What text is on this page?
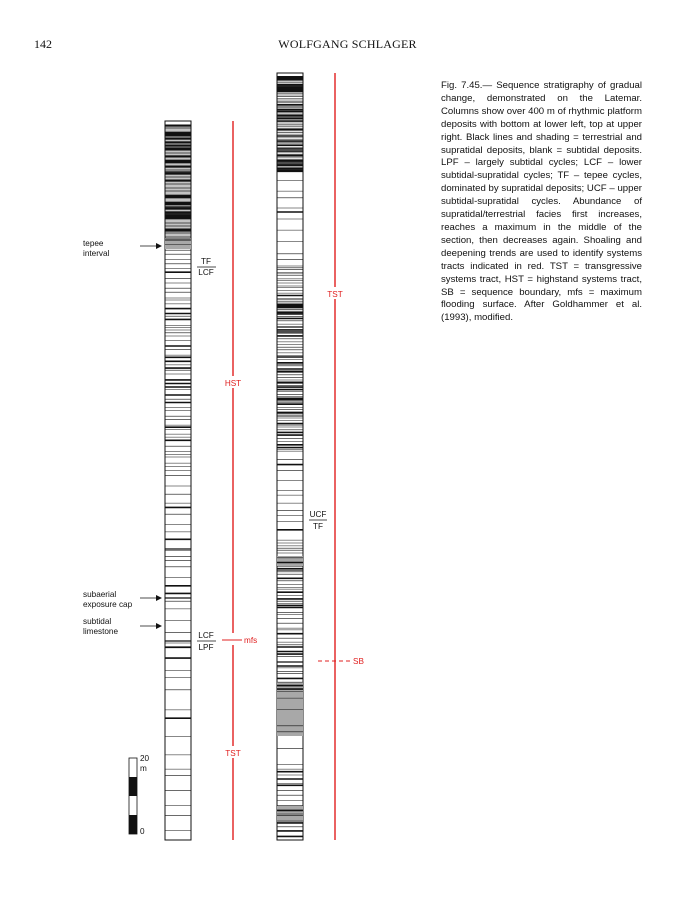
142	WOLFGANG SCHLAGER
HST
TST
TST
mfs
SB
tepee
interval
subaerial
exposure cap
subtidal
limestone
TF
LCF
LCF
LPF
UCF
TF
20
m
0
Fig. 7.45.— Sequence stratigraphy of gradual change, demonstrated on the Latemar. Columns show over 400 m of rhythmic platform deposits with bottom at lower left, top at upper right. Black lines and shading = terrestrial and supratidal deposits, blank = subtidal deposits. LPF – largely subtidal cycles; LCF – lower subtidal-supratidal cycles; TF – tepee cycles, dominated by supratidal deposits; UCF – upper subtidal-supratidal cycles. Abundance of supratidal/terrestrial facies first increases, reaches a maximum in the middle of the section, then decreases again. Shoaling and deepening trends are used to identify systems tracts indicated in red. TST = transgressive systems tract, HST = highstand systems tract, SB = sequence boundary, mfs = maximum flooding surface. After Goldhammer et al. (1993), modified.
